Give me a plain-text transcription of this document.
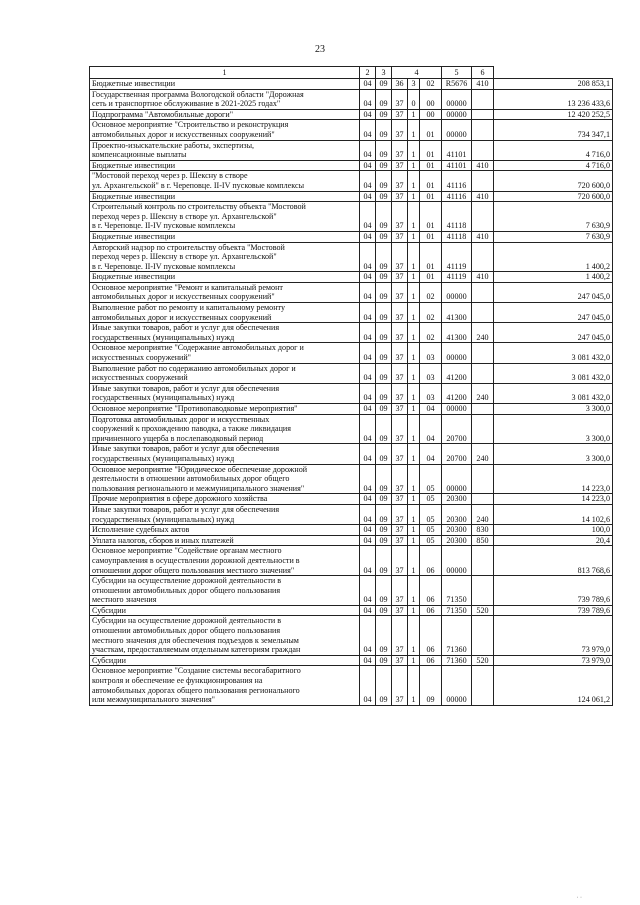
23
1	2	3	4			5	6	

Бюджетные инвестиции	04	09	36	3	02	R5676	410	208 853,1

Государственная программа Вологодской области "Дорожная
сеть и транспортное обслуживание в 2021-2025 годах"	04	09	37	0	00	00000		13 236 433,6

Подпрограмма "Автомобильные дороги"	04	09	37	1	00	00000		12 420 252,5

Основное мероприятие "Строительство и реконструкция
автомобильных дорог и искусственных сооружений"	04	09	37	1	01	00000		734 347,1

Проектно-изыскательские работы, экспертизы,
компенсационные выплаты	04	09	37	1	01	41101		4 716,0

Бюджетные инвестиции	04	09	37	1	01	41101	410	4 716,0

"Мостовой переход через р. Шексну в створе
ул. Архангельской" в г. Череповце. II-IV пусковые комплексы	04	09	37	1	01	41116		720 600,0

Бюджетные инвестиции	04	09	37	1	01	41116	410	720 600,0

Строительный контроль по строительству объекта "Мостовой
переход через р. Шексну в створе ул. Архангельской"
в г. Череповце. II-IV пусковые комплексы	04	09	37	1	01	41118		7 630,9

Бюджетные инвестиции	04	09	37	1	01	41118	410	7 630,9

Авторский надзор по строительству объекта "Мостовой
переход через р. Шексну в створе ул. Архангельской"
в г. Череповце. II-IV пусковые комплексы	04	09	37	1	01	41119		1 400,2

Бюджетные инвестиции	04	09	37	1	01	41119	410	1 400,2

Основное мероприятие "Ремонт и капитальный ремонт
автомобильных дорог и искусственных сооружений"	04	09	37	1	02	00000		247 045,0

Выполнение работ по ремонту и капитальному ремонту
автомобильных дорог и искусственных сооружений	04	09	37	1	02	41300		247 045,0

Иные закупки товаров, работ и услуг для обеспечения
государственных (муниципальных) нужд	04	09	37	1	02	41300	240	247 045,0

Основное мероприятие "Содержание автомобильных дорог и
искусственных сооружений"	04	09	37	1	03	00000		3 081 432,0

Выполнение работ по содержанию автомобильных дорог и
искусственных сооружений	04	09	37	1	03	41200		3 081 432,0

Иные закупки товаров, работ и услуг для обеспечения
государственных (муниципальных) нужд	04	09	37	1	03	41200	240	3 081 432,0

Основное мероприятие "Противопаводковые мероприятия"	04	09	37	1	04	00000		3 300,0

Подготовка автомобильных дорог и искусственных
сооружений к прохождению паводка, а также ликвидация
причиненного ущерба в послепаводковый период	04	09	37	1	04	20700		3 300,0

Иные закупки товаров, работ и услуг для обеспечения
государственных (муниципальных) нужд	04	09	37	1	04	20700	240	3 300,0

Основное мероприятие "Юридическое обеспечение дорожной
деятельности в отношении автомобильных дорог общего
пользования регионального и межмуниципального значения"	04	09	37	1	05	00000		14 223,0

Прочие мероприятия в сфере дорожного хозяйства	04	09	37	1	05	20300		14 223,0

Иные закупки товаров, работ и услуг для обеспечения
государственных (муниципальных) нужд	04	09	37	1	05	20300	240	14 102,6

Исполнение судебных актов	04	09	37	1	05	20300	830	100,0

Уплата налогов, сборов и иных платежей	04	09	37	1	05	20300	850	20,4

Основное мероприятие "Содействие органам местного
самоуправления в осуществлении дорожной деятельности в
отношении дорог общего пользования местного значения"	04	09	37	1	06	00000		813 768,6

Субсидии на осуществление дорожной деятельности в
отношении автомобильных дорог общего пользования
местного значения	04	09	37	1	06	71350		739 789,6

Субсидии	04	09	37	1	06	71350	520	739 789,6

Субсидии на осуществление дорожной деятельности в
отношении автомобильных дорог общего пользования
местного значения для обеспечения подъездов к земельным
участкам, предоставляемым отдельным категориям граждан	04	09	37	1	06	71360		73 979,0

Субсидии	04	09	37	1	06	71360	520	73 979,0

Основное мероприятие "Создание системы весогабаритного
контроля и обеспечение ее функционирования на
автомобильных дорогах общего пользования регионального
или межмуниципального значения"	04	09	37	1	09	00000		124 061,2
· ·
